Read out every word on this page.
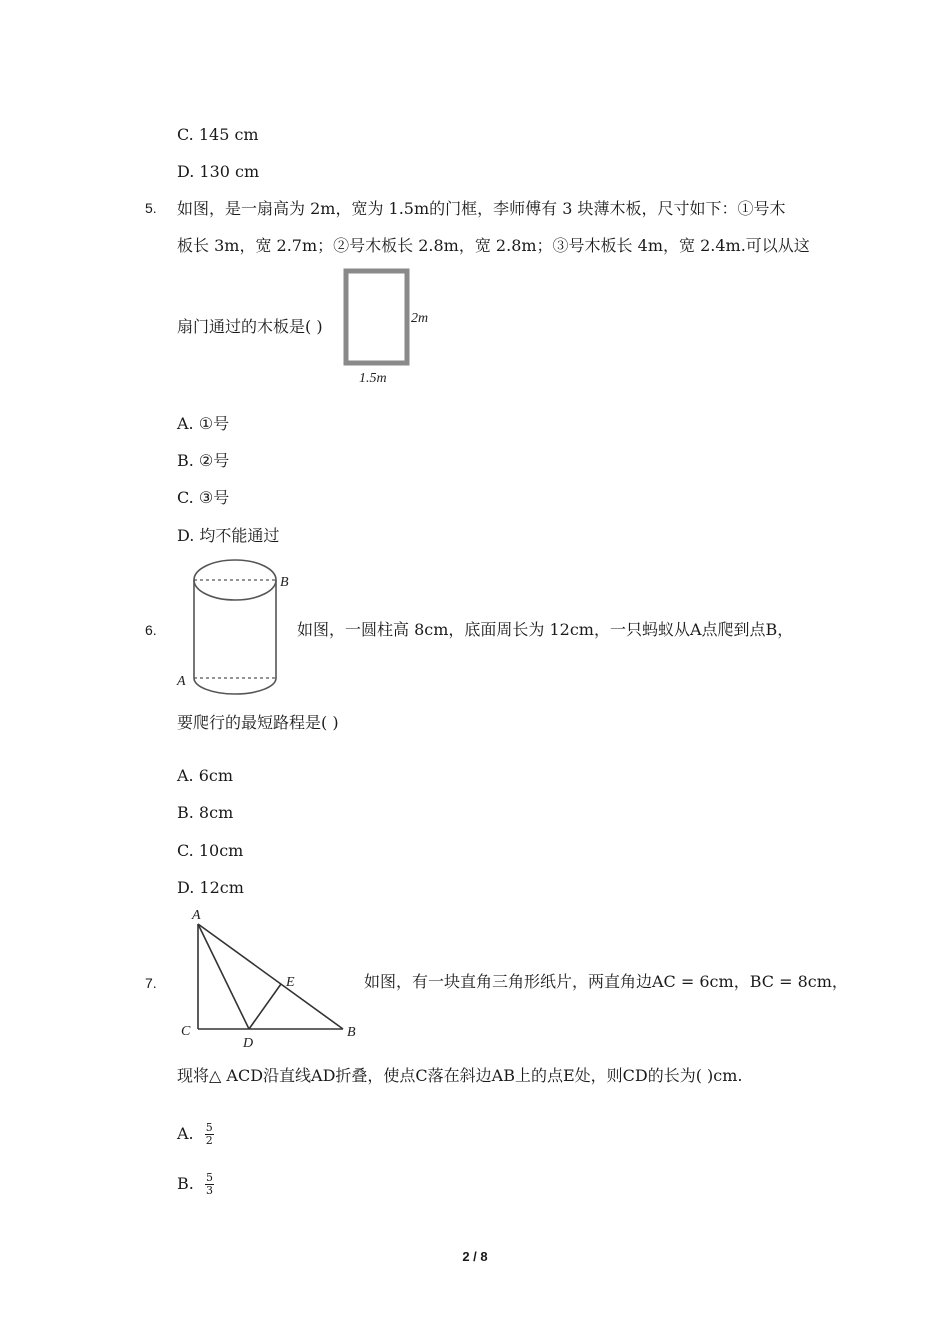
C. 145 cm
D. 130 cm
5. 如图，是一扇高为 2m，宽为 1.5m的门框，李师傅有 3 块薄木板，尺寸如下：①号木
板长 3m，宽 2.7m；②号木板长 2.8m，宽 2.8m；③号木板长 4m，宽 2.4m.可以从这
扇门通过的木板是( )	2m
1.5m
A. ①号
B. ②号
C. ③号
D. 均不能通过
B
A
6.	如图，一圆柱高 8cm，底面周长为 12cm，一只蚂蚁从A点爬到点B，
要爬行的最短路程是( )
A. 6cm
B. 8cm
C. 10cm
D. 12cm
A
C
D
E
B
7.	如图，有一块直角三角形纸片，两直角边AC = 6cm，BC = 8cm，
现将△ ACD沿直线AD折叠，使点C落在斜边AB上的点E处，则CD的长为( )cm.
A. $\frac{5}{2}$
B. $\frac{5}{3}$
2 / 8
